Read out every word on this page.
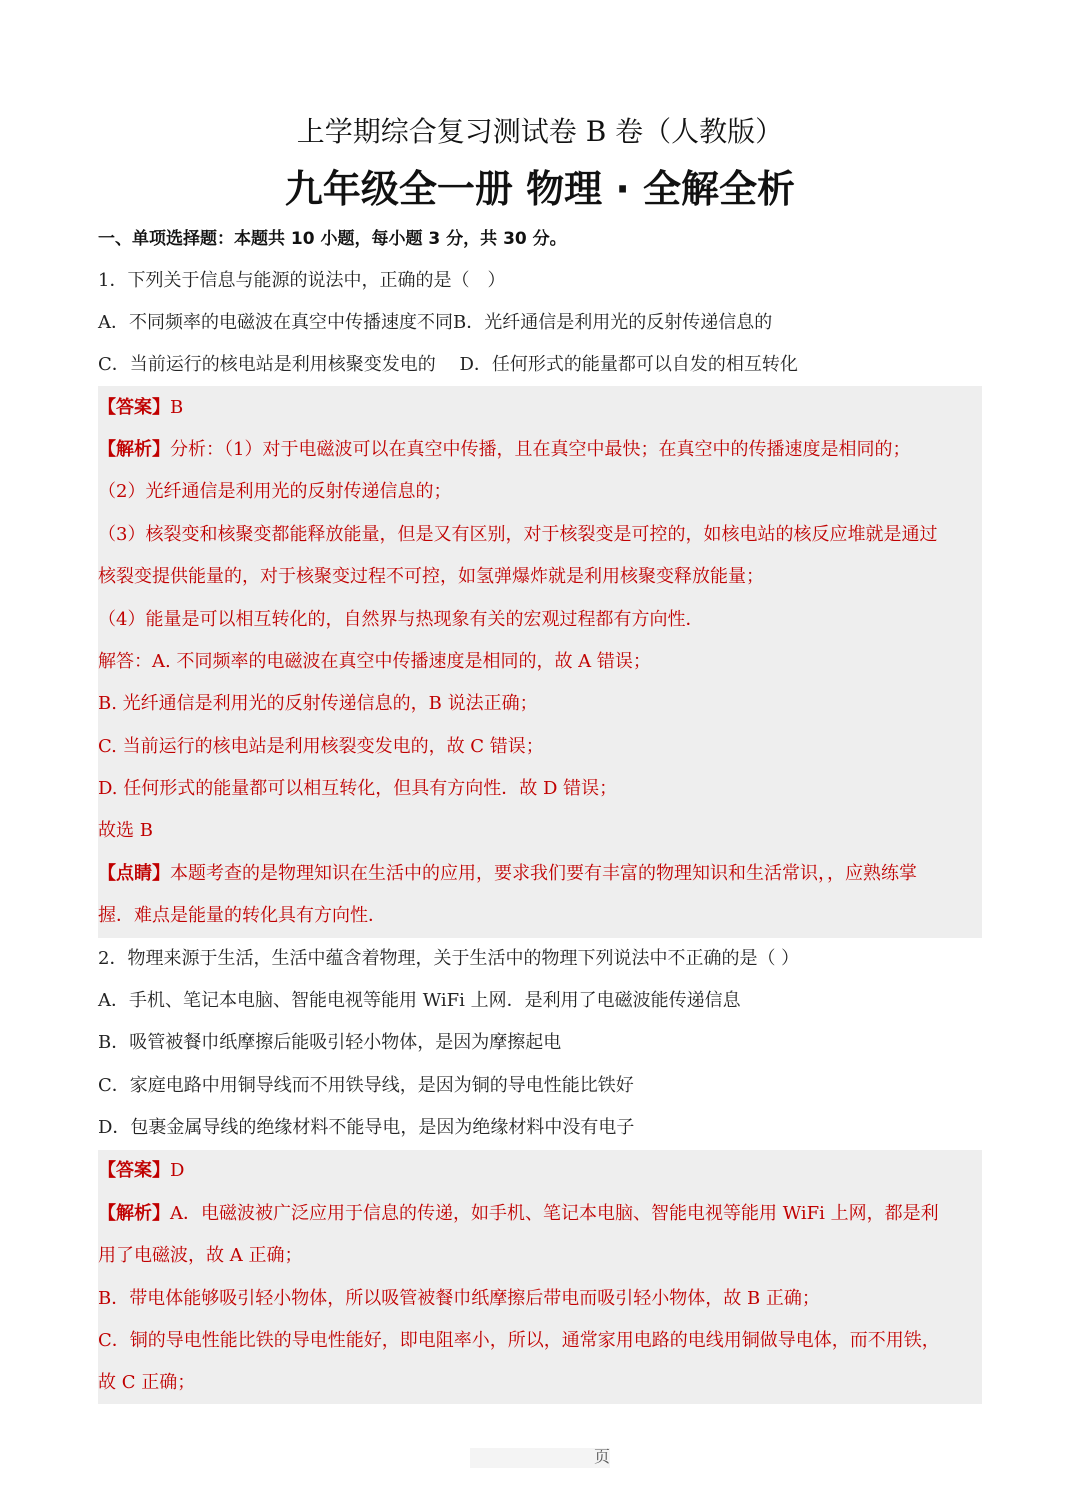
上学期综合复习测试卷 B 卷（人教版）
九年级全一册 物理 · 全解全析
一、单项选择题：本题共 10 小题，每小题 3 分，共 30 分。
1．下列关于信息与能源的说法中，正确的是（　）
A．不同频率的电磁波在真空中传播速度不同B．光纤通信是利用光的反射传递信息的
C．当前运行的核电站是利用核聚变发电的　 D．任何形式的能量都可以自发的相互转化
【答案】B
【解析】分析：（1）对于电磁波可以在真空中传播，且在真空中最快；在真空中的传播速度是相同的；
（2）光纤通信是利用光的反射传递信息的；
（3）核裂变和核聚变都能释放能量，但是又有区别，对于核裂变是可控的，如核电站的核反应堆就是通过
核裂变提供能量的，对于核聚变过程不可控，如氢弹爆炸就是利用核聚变释放能量；
（4）能量是可以相互转化的，自然界与热现象有关的宏观过程都有方向性．
解答：A. 不同频率的电磁波在真空中传播速度是相同的，故 A 错误；
B. 光纤通信是利用光的反射传递信息的，B 说法正确；
C. 当前运行的核电站是利用核裂变发电的，故 C 错误；
D. 任何形式的能量都可以相互转化，但具有方向性．故 D 错误；
故选 B
【点睛】本题考查的是物理知识在生活中的应用，要求我们要有丰富的物理知识和生活常识，，应熟练掌
握．难点是能量的转化具有方向性．
2．物理来源于生活，生活中蕴含着物理，关于生活中的物理下列说法中不正确的是（ ）
A．手机、笔记本电脑、智能电视等能用 WiFi 上网．是利用了电磁波能传递信息
B．吸管被餐巾纸摩擦后能吸引轻小物体，是因为摩擦起电
C．家庭电路中用铜导线而不用铁导线，是因为铜的导电性能比铁好
D．包裹金属导线的绝缘材料不能导电，是因为绝缘材料中没有电子
【答案】D
【解析】A．电磁波被广泛应用于信息的传递，如手机、笔记本电脑、智能电视等能用 WiFi 上网，都是利
用了电磁波，故 A 正确；
B．带电体能够吸引轻小物体，所以吸管被餐巾纸摩擦后带电而吸引轻小物体，故 B 正确；
C．铜的导电性能比铁的导电性能好，即电阻率小，所以，通常家用电路的电线用铜做导电体，而不用铁，
故 C 正确；
页
